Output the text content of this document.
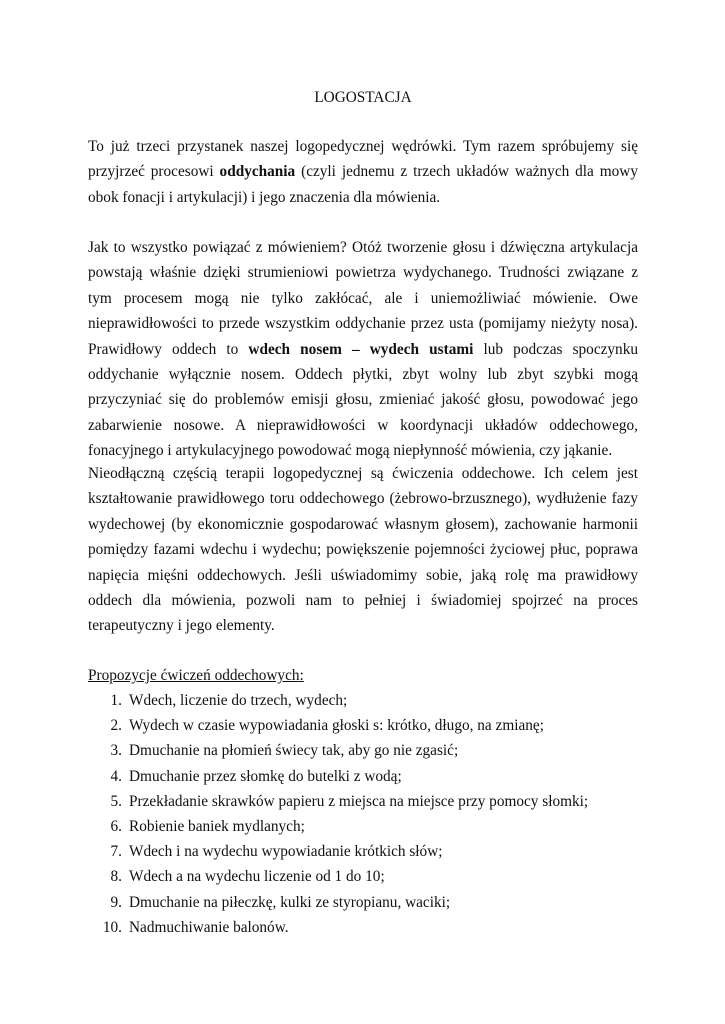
LOGOSTACJA

To już trzeci przystanek naszej logopedycznej wędrówki. Tym razem spróbujemy się przyjrzeć procesowi oddychania (czyli jednemu z trzech układów ważnych dla mowy obok fonacji i artykulacji) i jego znaczenia dla mówienia.

Jak to wszystko powiązać z mówieniem? Otóż tworzenie głosu i dźwięczna artykulacja powstają właśnie dzięki strumieniowi powietrza wydychanego. Trudności związane z tym procesem mogą nie tylko zakłócać, ale i uniemożliwiać mówienie. Owe nieprawidłowości to przede wszystkim oddychanie przez usta (pomijamy nieżyty nosa). Prawidłowy oddech to wdech nosem – wydech ustami lub podczas spoczynku oddychanie wyłącznie nosem. Oddech płytki, zbyt wolny lub zbyt szybki mogą przyczyniać się do problemów emisji głosu, zmieniać jakość głosu, powodować jego zabarwienie nosowe. A nieprawidłowości w koordynacji układów oddechowego, fonacyjnego i artykulacyjnego powodować mogą niepłynność mówienia, czy jąkanie.

Nieodłączną częścią terapii logopedycznej są ćwiczenia oddechowe. Ich celem jest kształtowanie prawidłowego toru oddechowego (żebrowo-brzusznego), wydłużenie fazy wydechowej (by ekonomicznie gospodarować własnym głosem), zachowanie harmonii pomiędzy fazami wdechu i wydechu; powiększenie pojemności życiowej płuc, poprawa napięcia mięśni oddechowych. Jeśli uświadomimy sobie, jaką rolę ma prawidłowy oddech dla mówienia, pozwoli nam to pełniej i świadomiej spojrzeć na proces terapeutyczny i jego elementy.

Propozycje ćwiczeń oddechowych:
1. Wdech, liczenie do trzech, wydech;
2. Wydech w czasie wypowiadania głoski s: krótko, długo, na zmianę;
3. Dmuchanie na płomień świecy tak, aby go nie zgasić;
4. Dmuchanie przez słomkę do butelki z wodą;
5. Przekładanie skrawków papieru z miejsca na miejsce przy pomocy słomki;
6. Robienie baniek mydlanych;
7. Wdech i na wydechu wypowiadanie krótkich słów;
8. Wdech a na wydechu liczenie od 1 do 10;
9. Dmuchanie na piłeczkę, kulki ze styropianu, waciki;
10. Nadmuchiwanie balonów.
